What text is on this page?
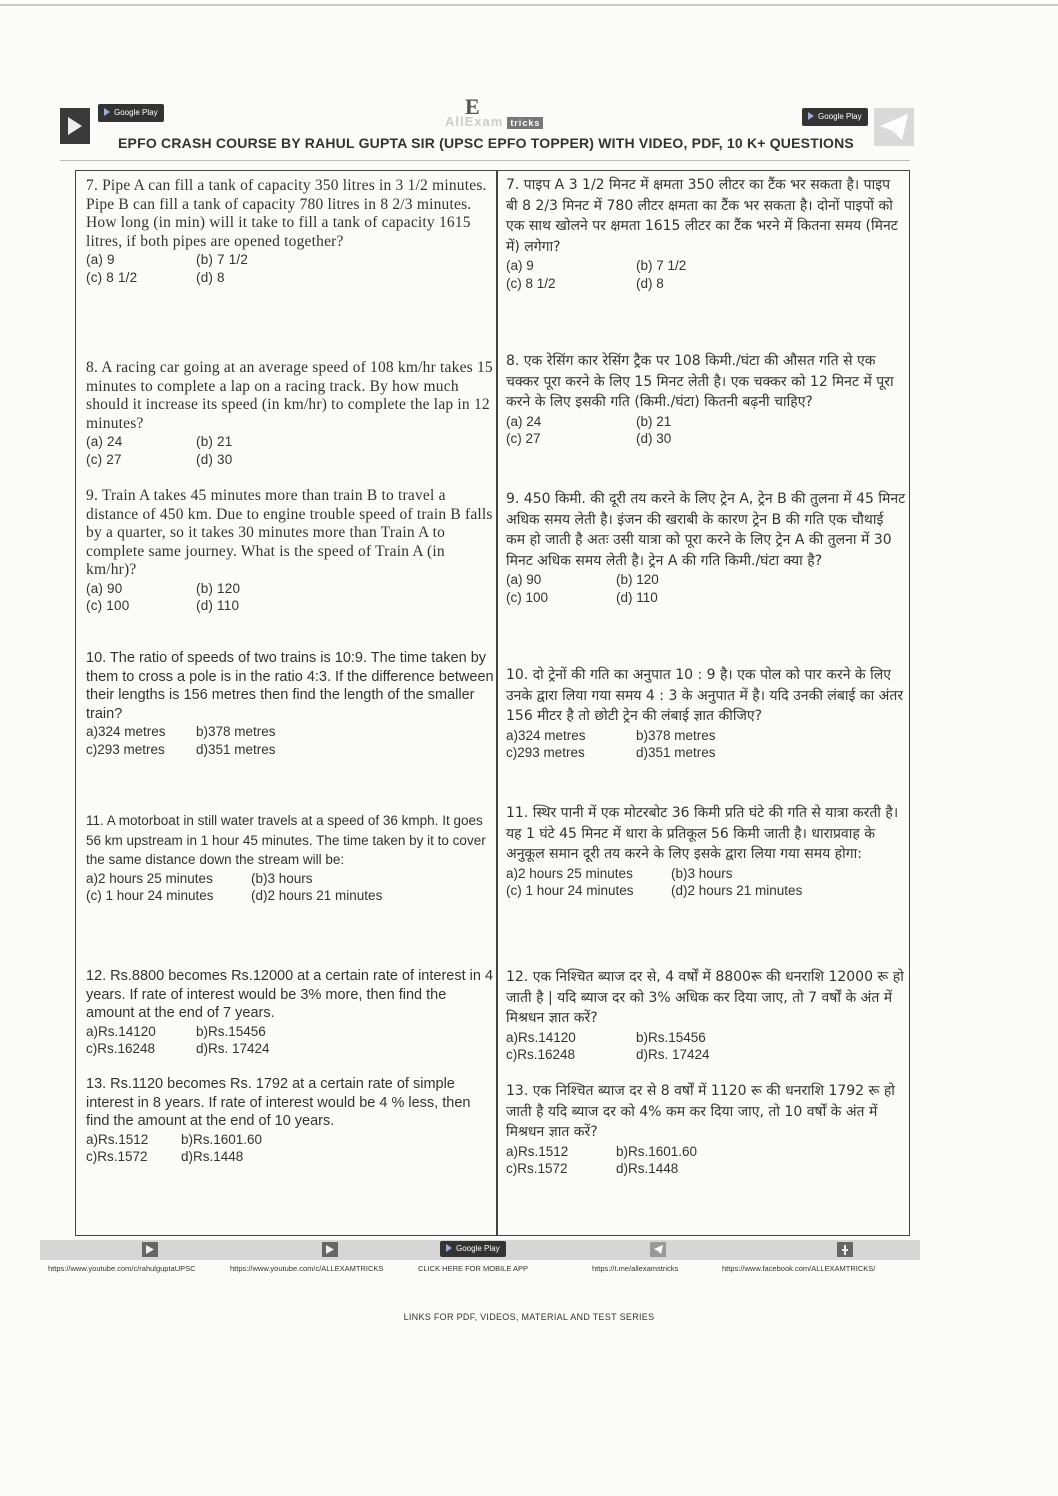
Google Play	E
AllExam tricks
Google Play
EPFO CRASH COURSE BY RAHUL GUPTA SIR (UPSC EPFO TOPPER) WITH VIDEO, PDF, 10 K+ QUESTIONS

7. Pipe A can fill a tank of capacity 350 litres in 3 1/2 minutes. Pipe B can fill a tank of capacity 780 litres in 8 2/3 minutes. How long (in min) will it take to fill a tank of capacity 1615 litres, if both pipes are opened together?

(a) 9	(b) 7 1/2
(c) 8 1/2	(d) 8

8. A racing car going at an average speed of 108 km/hr takes 15 minutes to complete a lap on a racing track. By how much should it increase its speed (in km/hr) to complete the lap in 12 minutes?

(a) 24	(b) 21
(c) 27	(d) 30

9. Train A takes 45 minutes more than train B to travel a distance of 450 km. Due to engine trouble speed of train B falls by a quarter, so it takes 30 minutes more than Train A to complete same journey. What is the speed of Train A (in km/hr)?

(a) 90	(b) 120
(c) 100	(d) 110

10. The ratio of speeds of two trains is 10:9. The time taken by them to cross a pole is in the ratio 4:3. If the difference between their lengths is 156 metres then find the length of the smaller train?

a)324 metres	b)378 metres
c)293 metres	d)351 metres

11. A motorboat in still water travels at a speed of 36 kmph. It goes 56 km upstream in 1 hour 45 minutes. The time taken by it to cover the same distance down the stream will be:

a)2 hours 25 minutes	(b)3 hours
(c) 1 hour 24 minutes	(d)2 hours 21 minutes

12. Rs.8800 becomes Rs.12000 at a certain rate of interest in 4 years. If rate of interest would be 3% more, then find the amount at the end of 7 years.

a)Rs.14120	b)Rs.15456
c)Rs.16248	d)Rs. 17424

13. Rs.1120 becomes Rs. 1792 at a certain rate of simple interest in 8 years. If rate of interest would be 4 % less, then find the amount at the end of 10 years.

a)Rs.1512	b)Rs.1601.60
c)Rs.1572	d)Rs.1448

7. पाइप A 3 1/2 मिनट में क्षमता 350 लीटर का टैंक भर सकता है। पाइप बी 8 2/3 मिनट में 780 लीटर क्षमता का टैंक भर सकता है। दोनों पाइपों को एक साथ खोलने पर क्षमता 1615 लीटर का टैंक भरने में कितना समय (मिनट में) लगेगा?

(a) 9	(b) 7 1/2
(c) 8 1/2	(d) 8

8. एक रेसिंग कार रेसिंग ट्रैक पर 108 किमी./घंटा की औसत गति से एक चक्कर पूरा करने के लिए 15 मिनट लेती है। एक चक्कर को 12 मिनट में पूरा करने के लिए इसकी गति (किमी./घंटा) कितनी बढ़नी चाहिए?

(a) 24	(b) 21
(c) 27	(d) 30

9. 450 किमी. की दूरी तय करने के लिए ट्रेन A, ट्रेन B की तुलना में 45 मिनट अधिक समय लेती है। इंजन की खराबी के कारण ट्रेन B की गति एक चौथाई कम हो जाती है अतः उसी यात्रा को पूरा करने के लिए ट्रेन A की तुलना में 30 मिनट अधिक समय लेती है। ट्रेन A की गति किमी./घंटा क्या है?

(a) 90	(b) 120
(c) 100	(d) 110

10. दो ट्रेनों की गति का अनुपात 10 : 9 है। एक पोल को पार करने के लिए उनके द्वारा लिया गया समय 4 : 3 के अनुपात में है। यदि उनकी लंबाई का अंतर 156 मीटर है तो छोटी ट्रेन की लंबाई ज्ञात कीजिए?

a)324 metres	b)378 metres
c)293 metres	d)351 metres

11. स्थिर पानी में एक मोटरबोट 36 किमी प्रति घंटे की गति से यात्रा करती है। यह 1 घंटे 45 मिनट में धारा के प्रतिकूल 56 किमी जाती है। धाराप्रवाह के अनुकूल समान दूरी तय करने के लिए इसके द्वारा लिया गया समय होगा:

a)2 hours 25 minutes	(b)3 hours
(c) 1 hour 24 minutes	(d)2 hours 21 minutes

12. एक निश्चित ब्याज दर से, 4 वर्षों में 8800रू की धनराशि 12000 रू हो जाती है | यदि ब्याज दर को 3% अधिक कर दिया जाए, तो 7 वर्षों के अंत में मिश्रधन ज्ञात करें?

a)Rs.14120	b)Rs.15456
c)Rs.16248	d)Rs. 17424

13. एक निश्चित ब्याज दर से 8 वर्षों में 1120 रू की धनराशि 1792 रू हो जाती है यदि ब्याज दर को 4% कम कर दिया जाए, तो 10 वर्षों के अंत में मिश्रधन ज्ञात करें?

a)Rs.1512	b)Rs.1601.60
c)Rs.1572	d)Rs.1448
Google Play
https://www.youtube.com/c/rahulguptaUPSC	https://www.youtube.com/c/ALLEXAMTRICKS	CLICK HERE FOR MOBILE APP	https://t.me/allexamstricks	https://www.facebook.com/ALLEXAMTRICKS/
LINKS FOR PDF, VIDEOS, MATERIAL AND TEST SERIES
